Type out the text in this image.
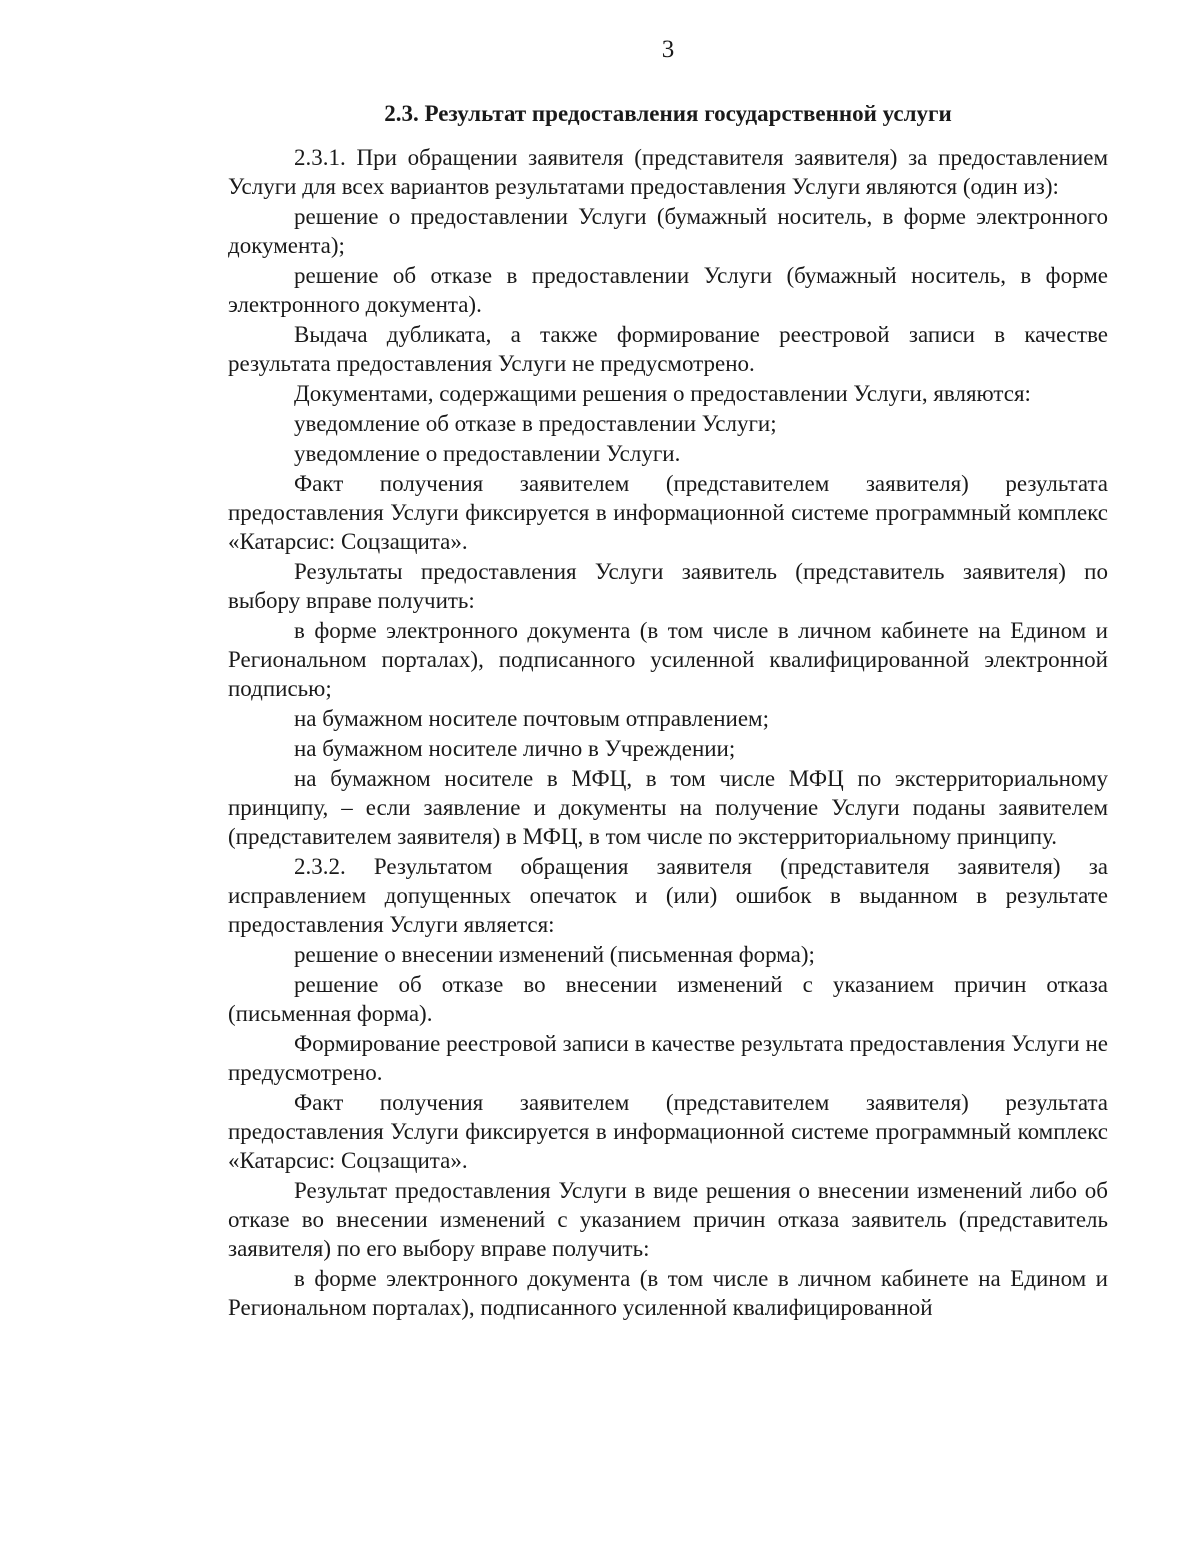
3
2.3. Результат предоставления государственной услуги

2.3.1. При обращении заявителя (представителя заявителя) за предоставлением Услуги для всех вариантов результатами предоставления Услуги являются (один из):

решение о предоставлении Услуги (бумажный носитель, в форме электронного документа);

решение об отказе в предоставлении Услуги (бумажный носитель, в форме электронного документа).

Выдача дубликата, а также формирование реестровой записи в качестве результата предоставления Услуги не предусмотрено.

Документами, содержащими решения о предоставлении Услуги, являются:

уведомление об отказе в предоставлении Услуги;

уведомление о предоставлении Услуги.

Факт получения заявителем (представителем заявителя) результата предоставления Услуги фиксируется в информационной системе программный комплекс «Катарсис: Соцзащита».

Результаты предоставления Услуги заявитель (представитель заявителя) по выбору вправе получить:

в форме электронного документа (в том числе в личном кабинете на Едином и Региональном порталах), подписанного усиленной квалифицированной электронной подписью;

на бумажном носителе почтовым отправлением;

на бумажном носителе лично в Учреждении;

на бумажном носителе в МФЦ, в том числе МФЦ по экстерриториальному принципу, – если заявление и документы на получение Услуги поданы заявителем (представителем заявителя) в МФЦ, в том числе по экстерриториальному принципу.

2.3.2. Результатом обращения заявителя (представителя заявителя) за исправлением допущенных опечаток и (или) ошибок в выданном в результате предоставления Услуги является:

решение о внесении изменений (письменная форма);

решение об отказе во внесении изменений с указанием причин отказа (письменная форма).

Формирование реестровой записи в качестве результата предоставления Услуги не предусмотрено.

Факт получения заявителем (представителем заявителя) результата предоставления Услуги фиксируется в информационной системе программный комплекс «Катарсис: Соцзащита».

Результат предоставления Услуги в виде решения о внесении изменений либо об отказе во внесении изменений с указанием причин отказа заявитель (представитель заявителя) по его выбору вправе получить:

в форме электронного документа (в том числе в личном кабинете на Едином и Региональном порталах), подписанного усиленной квалифицированной
